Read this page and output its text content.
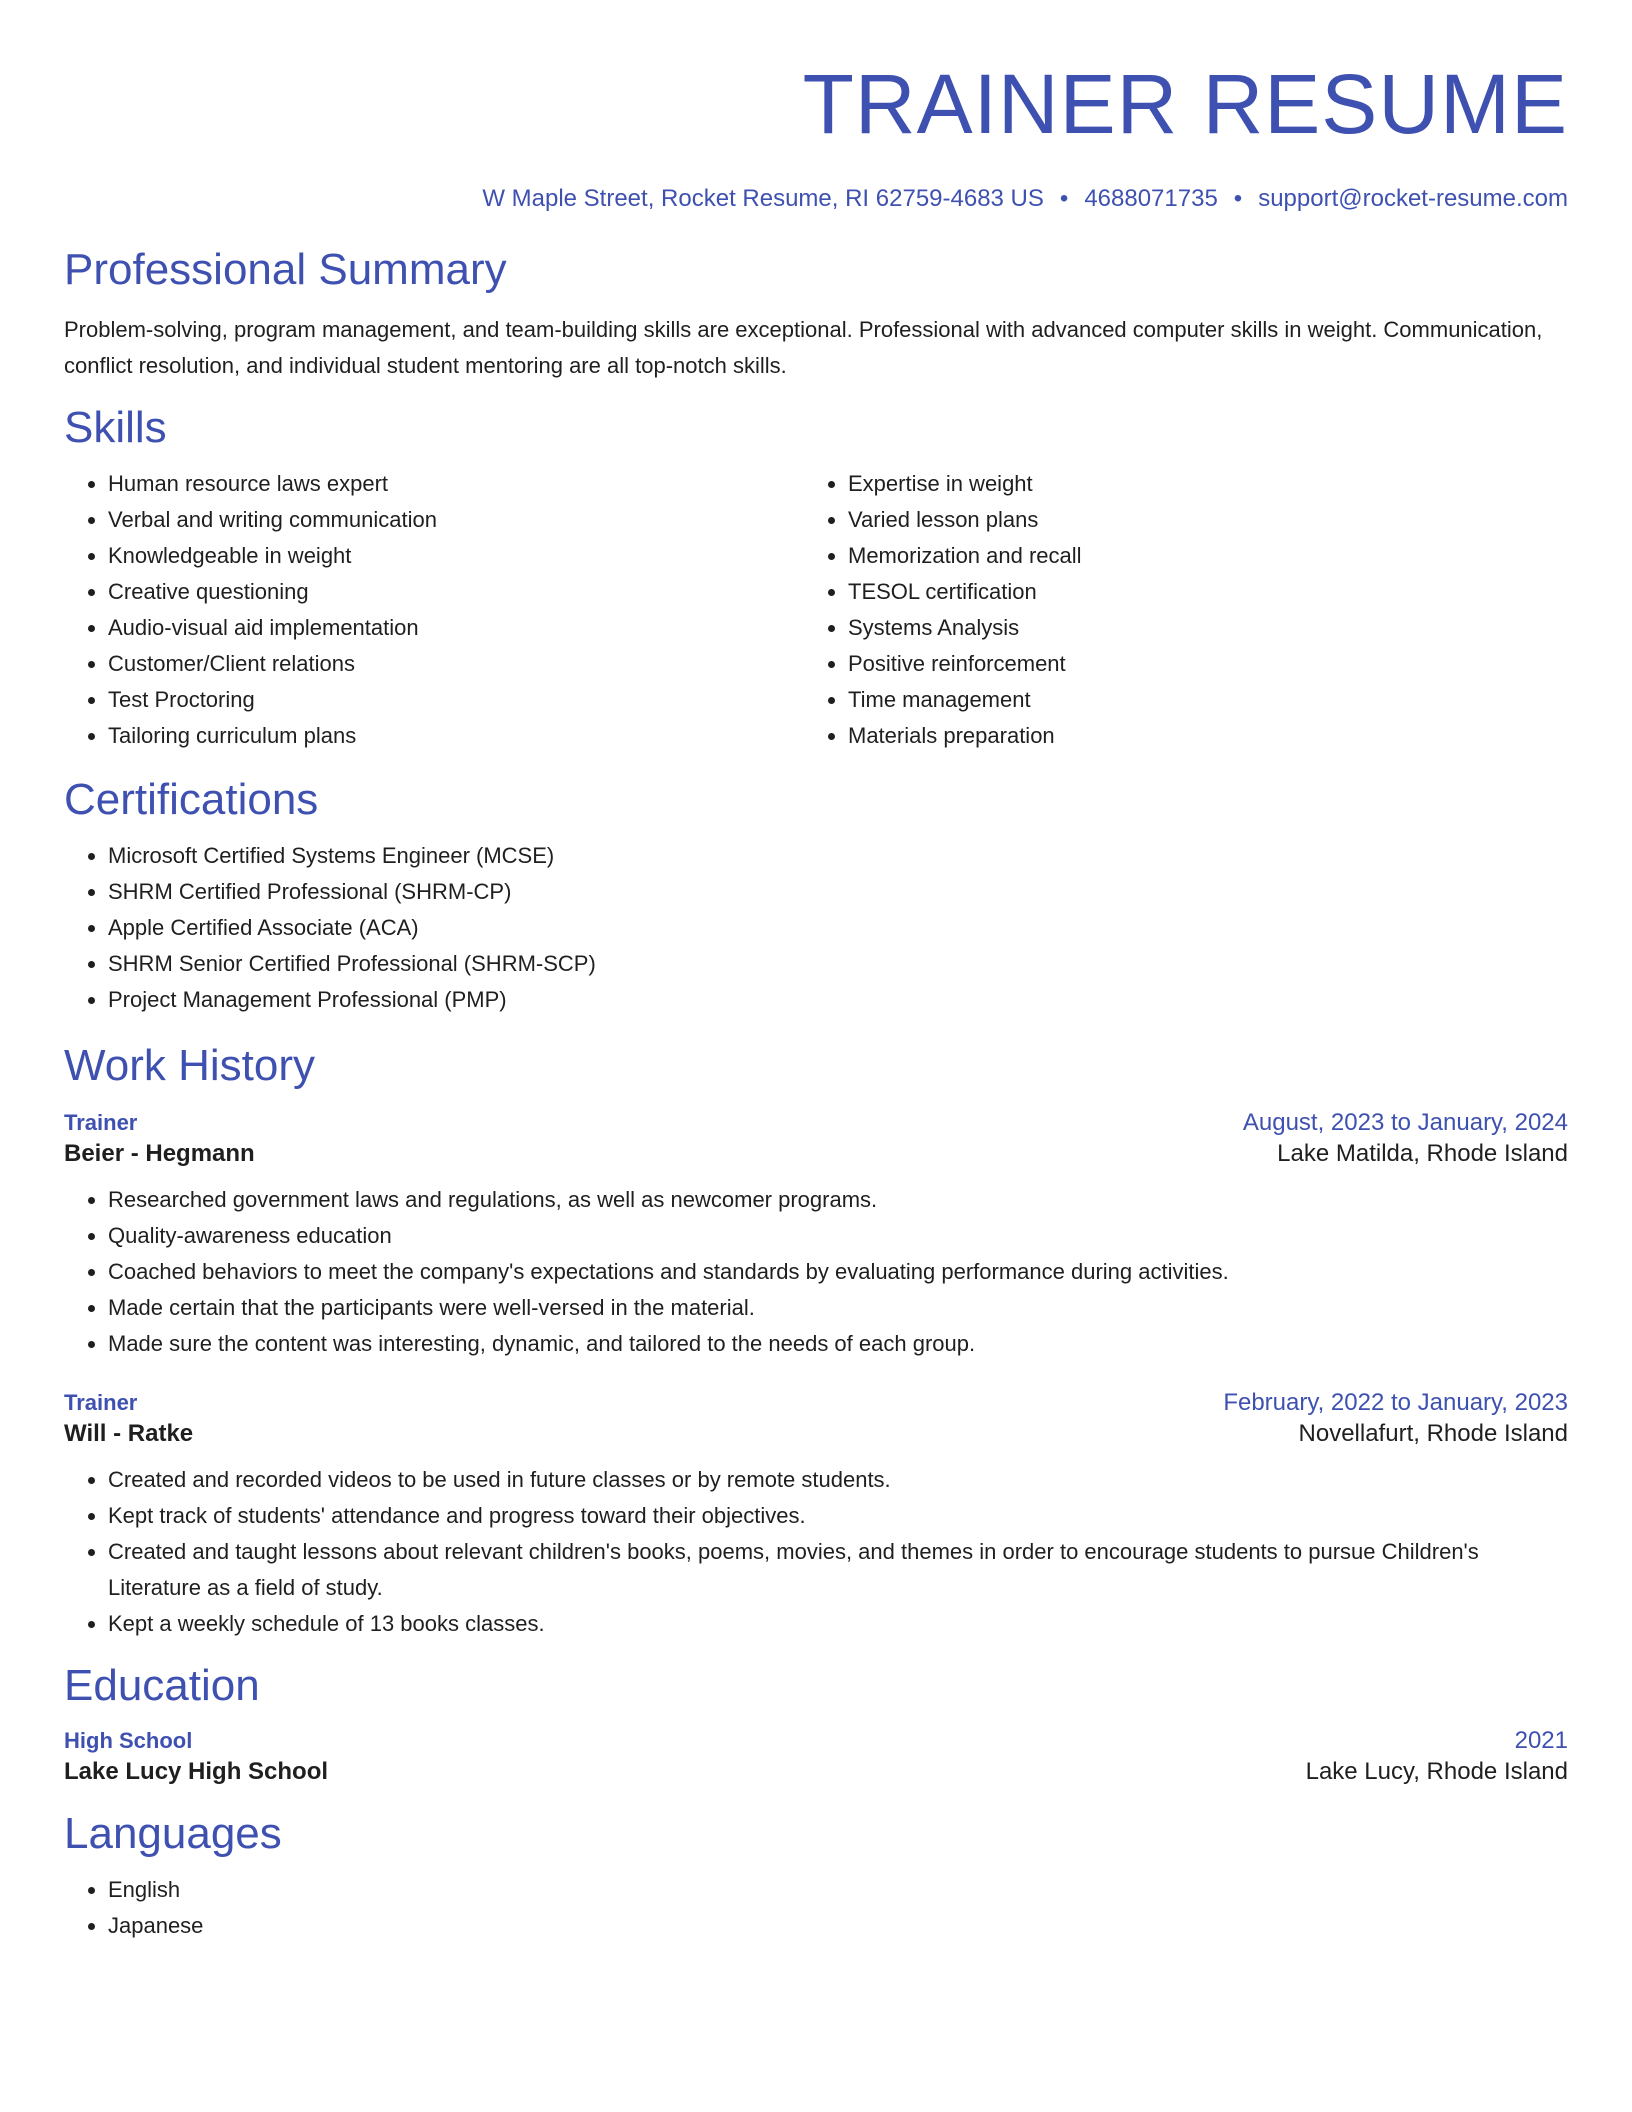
TRAINER RESUME
W Maple Street, Rocket Resume, RI 62759-4683 US • 4688071735 • support@rocket-resume.com
Professional Summary

Problem-solving, program management, and team-building skills are exceptional. Professional with advanced computer skills in weight. Communication, conflict resolution, and individual student mentoring are all top-notch skills.

Skills
• Human resource laws expert
• Verbal and writing communication
• Knowledgeable in weight
• Creative questioning
• Audio-visual aid implementation
• Customer/Client relations
• Test Proctoring
• Tailoring curriculum plans
• Expertise in weight
• Varied lesson plans
• Memorization and recall
• TESOL certification
• Systems Analysis
• Positive reinforcement
• Time management
• Materials preparation
Certifications
• Microsoft Certified Systems Engineer (MCSE)
• SHRM Certified Professional (SHRM-CP)
• Apple Certified Associate (ACA)
• SHRM Senior Certified Professional (SHRM-SCP)
• Project Management Professional (PMP)
Work History
Trainer	August, 2023 to January, 2024
Beier - Hegmann	Lake Matilda, Rhode Island
• Researched government laws and regulations, as well as newcomer programs.
• Quality-awareness education
• Coached behaviors to meet the company's expectations and standards by evaluating performance during activities.
• Made certain that the participants were well-versed in the material.
• Made sure the content was interesting, dynamic, and tailored to the needs of each group.
Trainer	February, 2022 to January, 2023
Will - Ratke	Novellafurt, Rhode Island
• Created and recorded videos to be used in future classes or by remote students.
• Kept track of students' attendance and progress toward their objectives.
• Created and taught lessons about relevant children's books, poems, movies, and themes in order to encourage students to pursue Children's Literature as a field of study.
• Kept a weekly schedule of 13 books classes.
Education
High School	2021
Lake Lucy High School	Lake Lucy, Rhode Island
Languages
• English
• Japanese
